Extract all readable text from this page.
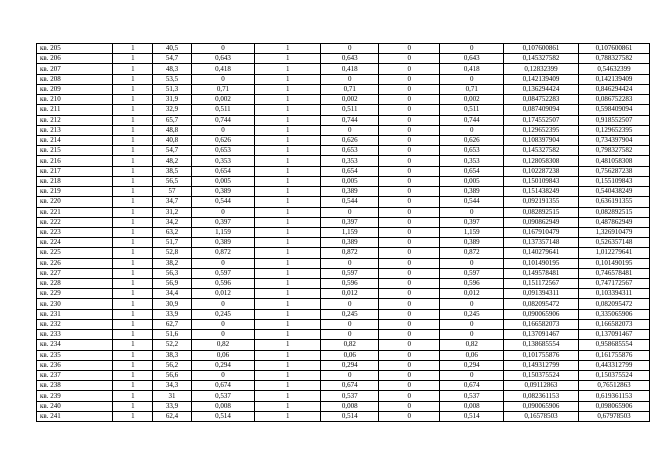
кв. 205	1	40,5	0	1	0	0	0	0,107600861	0,107600861
кв. 206	1	54,7	0,643	1	0,643	0	0,643	0,145327582	0,788327582
кв. 207	1	48,3	0,418	1	0,418	0	0,418	0,12832399	0,54632399
кв. 208	1	53,5	0	1	0	0	0	0,142139409	0,142139409
кв. 209	1	51,3	0,71	1	0,71	0	0,71	0,136294424	0,846294424
кв. 210	1	31,9	0,002	1	0,002	0	0,002	0,084752283	0,086752283
кв. 211	1	32,9	0,511	1	0,511	0	0,511	0,087409094	0,598409094
кв. 212	1	65,7	0,744	1	0,744	0	0,744	0,174552507	0,918552507
кв. 213	1	48,8	0	1	0	0	0	0,129652395	0,129652395
кв. 214	1	40,8	0,626	1	0,626	0	0,626	0,108397904	0,734397904
кв. 215	1	54,7	0,653	1	0,653	0	0,653	0,145327582	0,798327582
кв. 216	1	48,2	0,353	1	0,353	0	0,353	0,128058308	0,481058308
кв. 217	1	38,5	0,654	1	0,654	0	0,654	0,102287238	0,756287238
кв. 218	1	56,5	0,005	1	0,005	0	0,005	0,150109843	0,155109843
кв. 219	1	57	0,389	1	0,389	0	0,389	0,151438249	0,540438249
кв. 220	1	34,7	0,544	1	0,544	0	0,544	0,092191355	0,636191355
кв. 221	1	31,2	0	1	0	0	0	0,082892515	0,082892515
кв. 222	1	34,2	0,397	1	0,397	0	0,397	0,090862949	0,487862949
кв. 223	1	63,2	1,159	1	1,159	0	1,159	0,167910479	1,326910479
кв. 224	1	51,7	0,389	1	0,389	0	0,389	0,137357148	0,526357148
кв. 225	1	52,8	0,872	1	0,872	0	0,872	0,140279641	1,012279641
кв. 226	1	38,2	0	1	0	0	0	0,101490195	0,101490195
кв. 227	1	56,3	0,597	1	0,597	0	0,597	0,149578481	0,746578481
кв. 228	1	56,9	0,596	1	0,596	0	0,596	0,151172567	0,747172567
кв. 229	1	34,4	0,012	1	0,012	0	0,012	0,091394311	0,103394311
кв. 230	1	30,9	0	1	0	0	0	0,082095472	0,082095472
кв. 231	1	33,9	0,245	1	0,245	0	0,245	0,090065906	0,335065906
кв. 232	1	62,7	0	1	0	0	0	0,166582073	0,166582073
кв. 233	1	51,6	0	1	0	0	0	0,137091467	0,137091467
кв. 234	1	52,2	0,82	1	0,82	0	0,82	0,138685554	0,958685554
кв. 235	1	38,3	0,06	1	0,06	0	0,06	0,101755876	0,161755876
кв. 236	1	56,2	0,294	1	0,294	0	0,294	0,149312799	0,443312799
кв. 237	1	56,6	0	1	0	0	0	0,150375524	0,150375524
кв. 238	1	34,3	0,674	1	0,674	0	0,674	0,09112863	0,76512863
кв. 239	1	31	0,537	1	0,537	0	0,537	0,082361153	0,619361153
кв. 240	1	33,9	0,008	1	0,008	0	0,008	0,090065906	0,098065906
кв. 241	1	62,4	0,514	1	0,514	0	0,514	0,16578503	0,67978503
